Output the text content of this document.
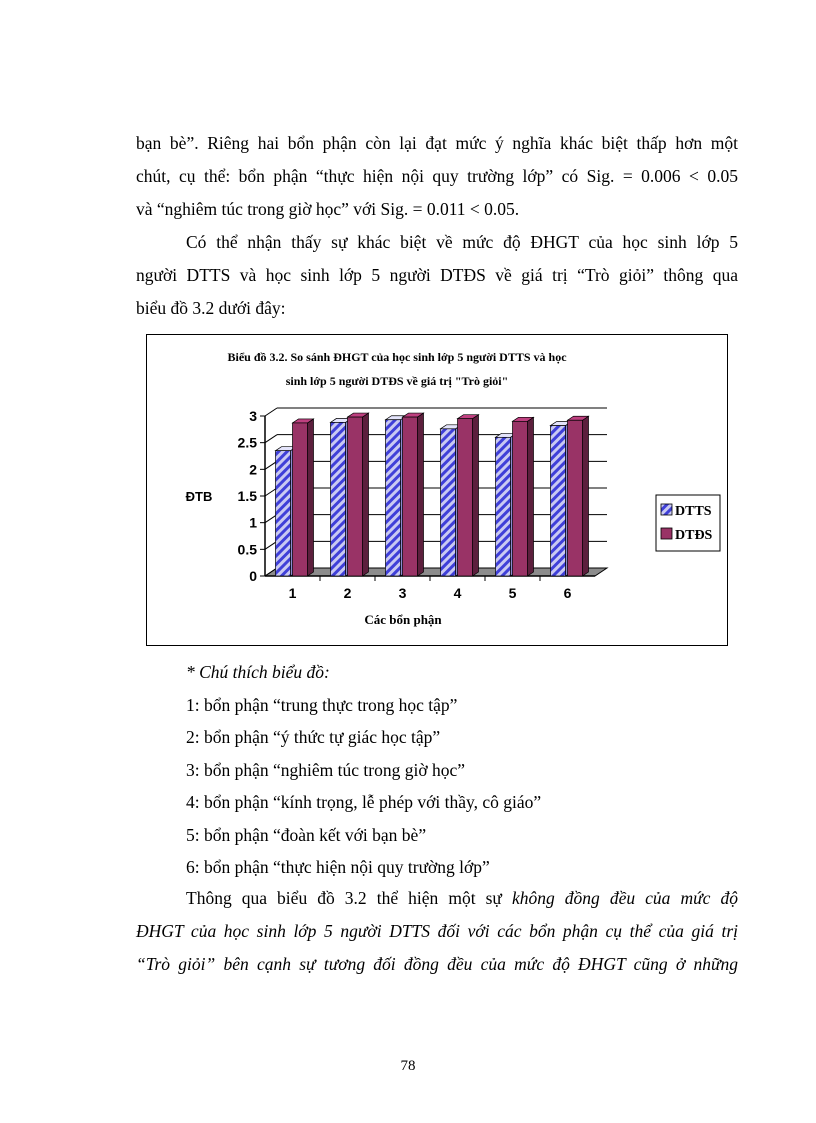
bạn bè”. Riêng hai bổn phận còn lại đạt mức ý nghĩa khác biệt thấp hơn một
chút, cụ thể: bổn phận “thực hiện nội quy trường lớp” có Sig. = 0.006 < 0.05
và “nghiêm túc trong giờ học” với Sig. = 0.011 < 0.05.
Có thể nhận thấy sự khác biệt về mức độ ĐHGT của học sinh lớp 5
người DTTS và học sinh lớp 5 người DTĐS về giá trị “Trò giỏi” thông qua
biểu đồ 3.2 dưới đây:
Biểu đồ 3.2. So sánh ĐHGT của học sinh lớp 5 người DTTS và học
sinh lớp 5 người DTĐS về giá trị "Trò giỏi"
0
0.5
1
1.5
2
2.5
3
1	2	3	4	5	6
ĐTB
Các bổn phận
DTTS
DTĐS
* Chú thích biểu đồ:
1: bổn phận “trung thực trong học tập”
2: bổn phận “ý thức tự giác học tập”
3: bổn phận “nghiêm túc trong giờ học”
4: bổn phận “kính trọng, lễ phép với thầy, cô giáo”
5: bổn phận “đoàn kết với bạn bè”
6: bổn phận “thực hiện nội quy trường lớp”
Thông qua biểu đồ 3.2 thể hiện một sự không đồng đều của mức độ
ĐHGT của học sinh lớp 5 người DTTS đối với các bổn phận cụ thể của giá trị
“Trò giỏi” bên cạnh sự tương đối đồng đều của mức độ ĐHGT cũng ở những
78
